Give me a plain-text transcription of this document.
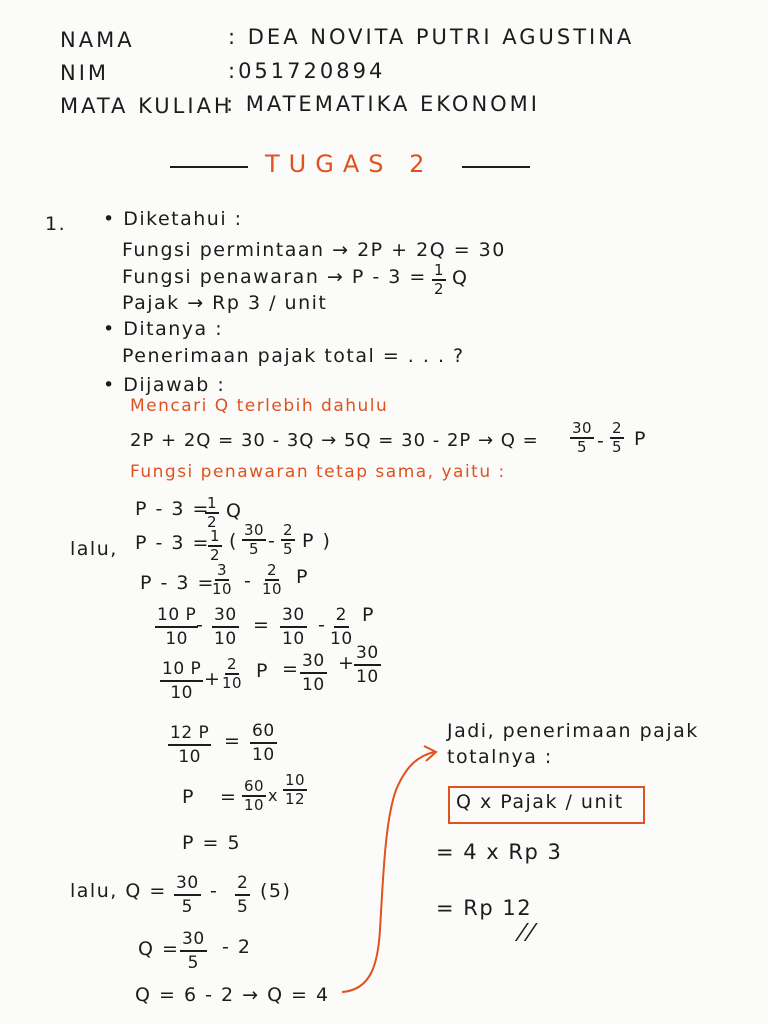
NAMA	: DEA NOVITA PUTRI AGUSTINA
NIM	:051720894
MATA KULIAH
: MATEMATIKA EKONOMI
TUGAS 2
1. • Diketahui :
Fungsi permintaan → 2P + 2Q = 30
Fungsi penawaran → $P - 3 = \frac{1}{2}$ Q
Pajak → Rp 3 / unit
• Ditanya :
Penerimaan pajak total = . . . ?
• Dijawab :
Mencari Q terlebih dahulu
$2P + 2Q = 30 - 3Q \to 5Q = 30 - 2P \to Q = \frac{30}{5} - \frac{2}{5}$ P
Fungsi penawaran tetap sama, yaitu :
P - 3 =
$\frac{1}{2}$ Q
lalu, P - 3 =
$\frac{1}{2}$ ( $\frac{30}{5} - \frac{2}{5}$ P )
P - 3 =
$\frac{3}{10} - \frac{2}{10}$ P
$\frac{10 P}{10}$
- $\frac{30}{10} = \frac{30}{10} - \frac{2}{10}$ P
$\frac{10 P}{10} + \frac{2}{10}$ $P = \frac{30}{10}$ +
$\frac{30}{10}$
$\frac{12 P}{10} = \frac{60}{10}$
$P = \frac{60}{10}$ x $\frac{10}{12}$
P = 5
lalu, $Q = \frac{30}{5} - \frac{2}{5} (5)$
$Q = \frac{30}{5} - 2$
Q = 6 - 2 → Q = 4
Jadi, penerimaan pajak
totalnya :
Q x Pajak / unit
= 4 x Rp 3
= Rp 12
//
